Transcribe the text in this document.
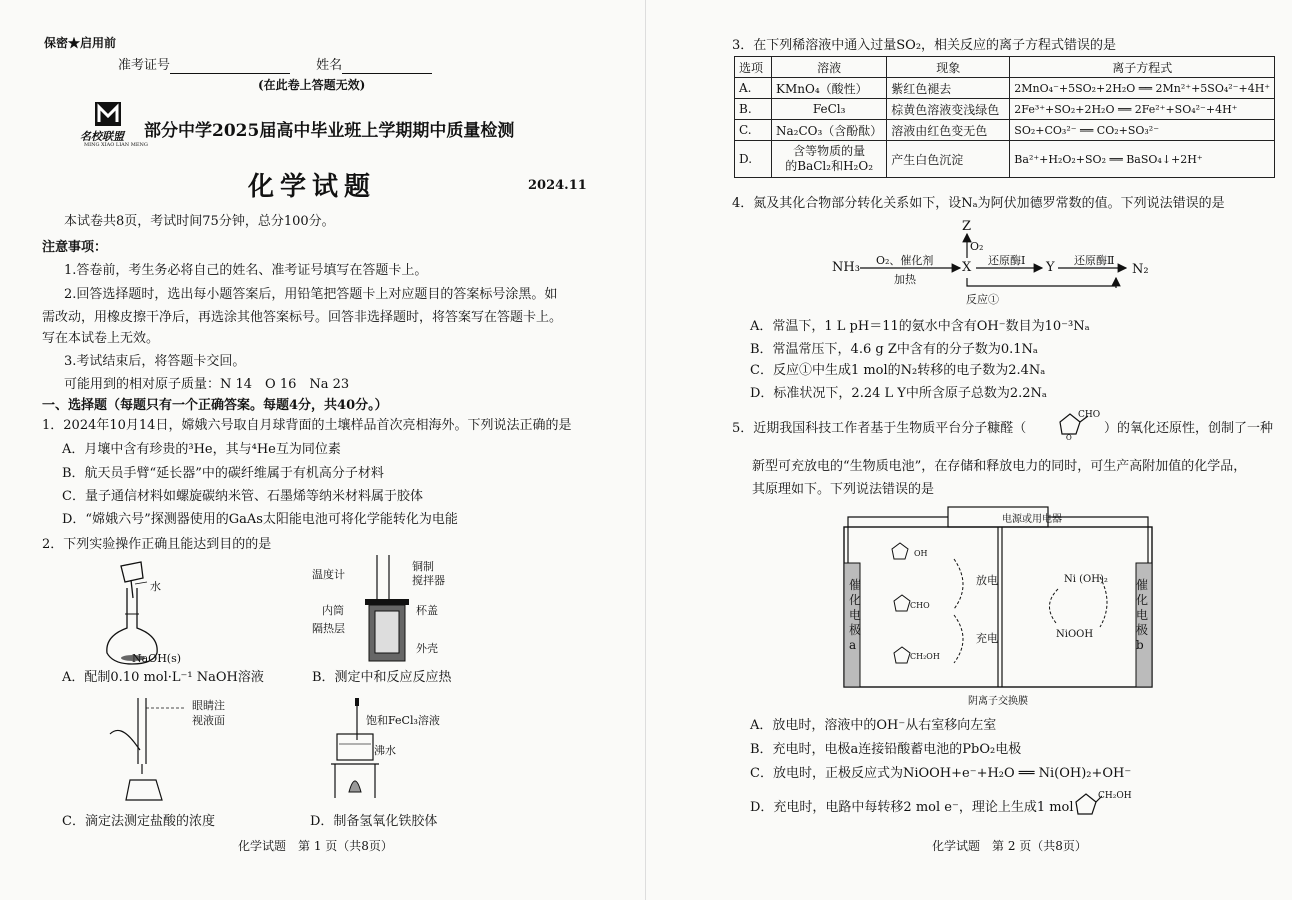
保密★启用前
准考证号	姓名
(在此卷上答题无效)
名校联盟
MING XIAO LIAN MENG
部分中学2025届高中毕业班上学期期中质量检测
化学试题	2024.11
本试卷共8页，考试时间75分钟，总分100分。
注意事项：
1.答卷前，考生务必将自己的姓名、准考证号填写在答题卡上。
2.回答选择题时，选出每小题答案后，用铅笔把答题卡上对应题目的答案标号涂黑。如
需改动，用橡皮擦干净后，再选涂其他答案标号。回答非选择题时，将答案写在答题卡上。
写在本试卷上无效。
3.考试结束后，将答题卡交回。
可能用到的相对原子质量：N 14　O 16　Na 23
一、选择题（每题只有一个正确答案。每题4分，共40分。）
1．2024年10月14日，嫦娥六号取自月球背面的土壤样品首次亮相海外。下列说法正确的是
A．月壤中含有珍贵的³He，其与⁴He互为同位素
B．航天员手臂“延长器”中的碳纤维属于有机高分子材料
C．量子通信材料如螺旋碳纳米管、石墨烯等纳米材料属于胶体
D．“嫦娥六号”探测器使用的GaAs太阳能电池可将化学能转化为电能
2．下列实验操作正确且能达到目的的是
水
NaOH(s)
A．配制0.10 mol·L⁻¹ NaOH溶液
温度计
铜制
搅拌器
内筒	杯盖
隔热层
外壳
B．测定中和反应反应热
眼睛注
视液面
C．滴定法测定盐酸的浓度
饱和FeCl₃溶液
沸水
D．制备氢氧化铁胶体
化学试题　第 1 页（共8页）
3．在下列稀溶液中通入过量SO₂，相关反应的离子方程式错误的是
选项	溶液	现象	离子方程式
A.	KMnO₄（酸性）	紫红色褪去	2MnO₄⁻+5SO₂+2H₂O ══ 2Mn²⁺+5SO₄²⁻+4H⁺
B.	FeCl₃	棕黄色溶液变浅绿色	2Fe³⁺+SO₂+2H₂O ══ 2Fe²⁺+SO₄²⁻+4H⁺
C.	Na₂CO₃（含酚酞）	溶液由红色变无色	SO₂+CO₃²⁻ ══ CO₂+SO₃²⁻
D.	含等物质的量
的BaCl₂和H₂O₂	产生白色沉淀	Ba²⁺+H₂O₂+SO₂ ══ BaSO₄↓+2H⁺
4．氮及其化合物部分转化关系如下，设Nₐ为阿伏加德罗常数的值。下列说法错误的是
NH₃ O₂、催化剂
加热
X
Z
O₂
还原酶Ⅰ Y 还原酶Ⅱ
N₂
反应①
A．常温下，1 L pH＝11的氨水中含有OH⁻数目为10⁻³Nₐ
B．常温常压下，4.6 g Z中含有的分子数为0.1Nₐ
C．反应①中生成1 mol的N₂转移的电子数为2.4Nₐ
D．标准状况下，2.24 L Y中所含原子总数为2.2Nₐ
5．近期我国科技工作者基于生物质平台分子糠醛（
O
CHO
）的氧化还原性，创制了一种
新型可充放电的“生物质电池”，在存储和释放电力的同时，可生产高附加值的化学品，
其原理如下。下列说法错误的是
电源或用电器
催
化
电
极
a
催
化
电
极
b
OH
CHO
CH₂OH
放电
充电
Ni (OH)₂
NiOOH
阴离子交换膜
A．放电时，溶液中的OH⁻从右室移向左室
B．充电时，电极a连接铅酸蓄电池的PbO₂电极
C．放电时，正极反应式为NiOOH+e⁻+H₂O ══ Ni(OH)₂+OH⁻
D．充电时，电路中每转移2 mol e⁻，理论上生成1 mol
CH₂OH
化学试题　第 2 页（共8页）
